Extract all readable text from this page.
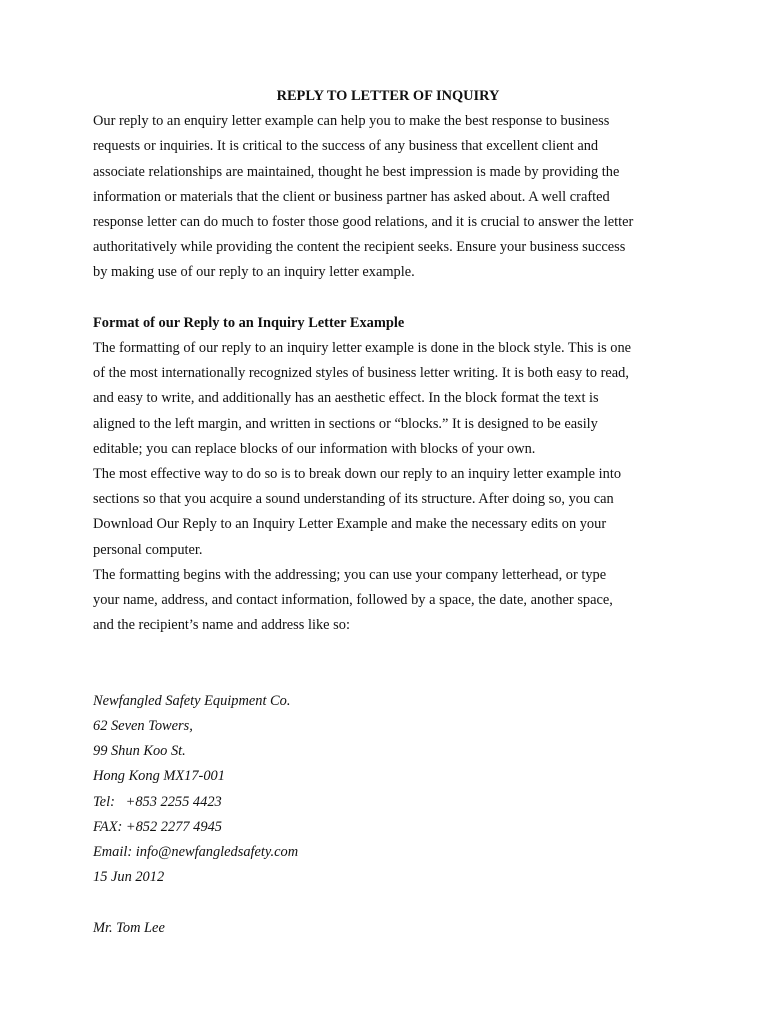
REPLY TO LETTER OF INQUIRY

Our reply to an enquiry letter example can help you to make the best response to business
requests or inquiries. It is critical to the success of any business that excellent client and
associate relationships are maintained, thought he best impression is made by providing the
information or materials that the client or business partner has asked about. A well crafted
response letter can do much to foster those good relations, and it is crucial to answer the letter
authoritatively while providing the content the recipient seeks. Ensure your business success
by making use of our reply to an inquiry letter example.

Format of our Reply to an Inquiry Letter Example

The formatting of our reply to an inquiry letter example is done in the block style. This is one
of the most internationally recognized styles of business letter writing. It is both easy to read,
and easy to write, and additionally has an aesthetic effect. In the block format the text is
aligned to the left margin, and written in sections or “blocks.” It is designed to be easily
editable; you can replace blocks of our information with blocks of your own.

The most effective way to do so is to break down our reply to an inquiry letter example into
sections so that you acquire a sound understanding of its structure. After doing so, you can
Download Our Reply to an Inquiry Letter Example and make the necessary edits on your
personal computer.

The formatting begins with the addressing; you can use your company letterhead, or type
your name, address, and contact information, followed by a space, the date, another space,
and the recipient’s name and address like so:

Newfangled Safety Equipment Co.
62 Seven Towers,
99 Shun Koo St.
Hong Kong MX17-001
Tel:   +853 2255 4423
FAX: +852 2277 4945
Email: info@newfangledsafety.com
15 Jun 2012

Mr. Tom Lee
